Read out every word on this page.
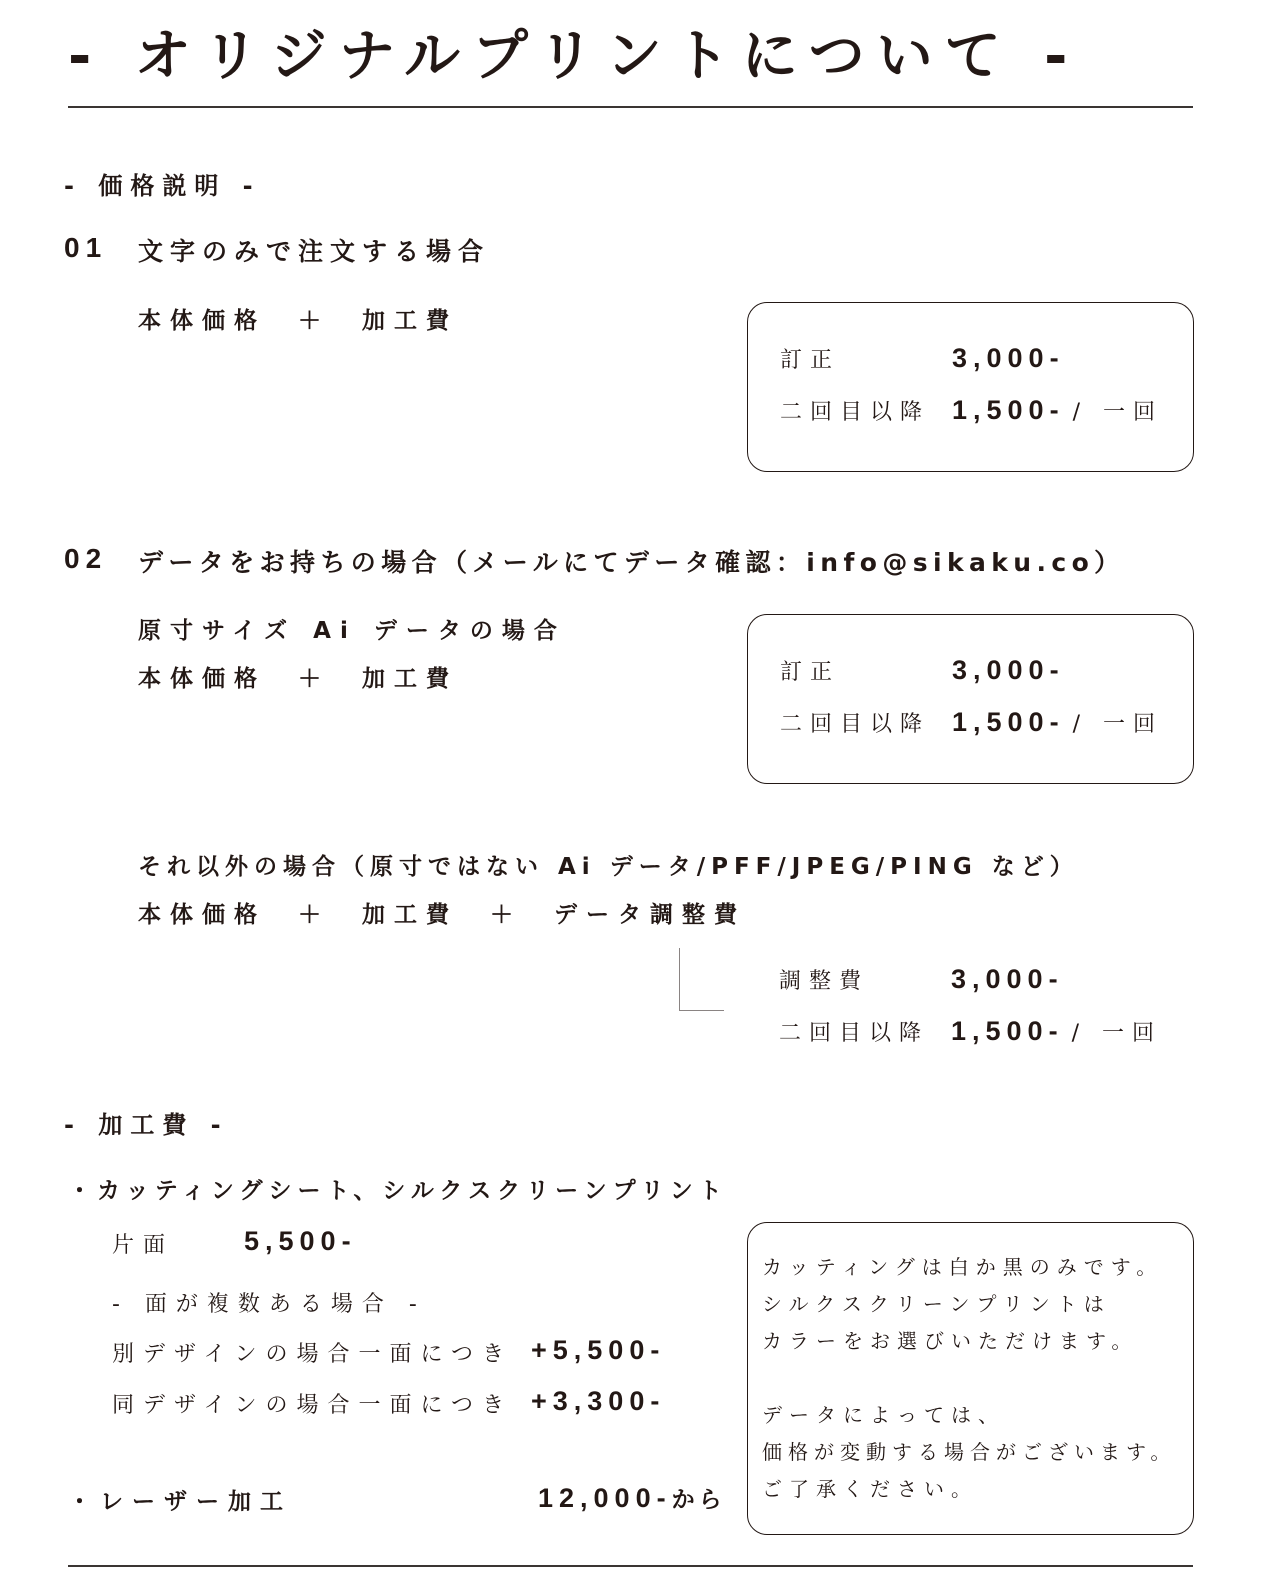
- オリジナルプリントについて -
- 価格説明 -
01 文字のみで注文する場合
本体価格　＋　加工費
訂正	3,000-
二回目以降 1,500- / 一回
02 データをお持ちの場合（メールにてデータ確認：info@sikaku.co）
原寸サイズ Ai データの場合
本体価格　＋　加工費	訂正	3,000-
二回目以降 1,500- / 一回
それ以外の場合（原寸ではない Ai データ/PFF/JPEG/PING など）
本体価格　＋　加工費　＋　データ調整費
調整費	3,000-
二回目以降 1,500- / 一回
- 加工費 -
・カッティングシート、シルクスクリーンプリント
片面	5,500-
- 面が複数ある場合 -
別デザインの場合一面につき +5,500-
同デザインの場合一面につき +3,300-
・レーザー加工	12,000- から
カッティングは白か黒のみです。
シルクスクリーンプリントは
カラーをお選びいただけます。
データによっては、
価格が変動する場合がございます。
ご了承ください。
